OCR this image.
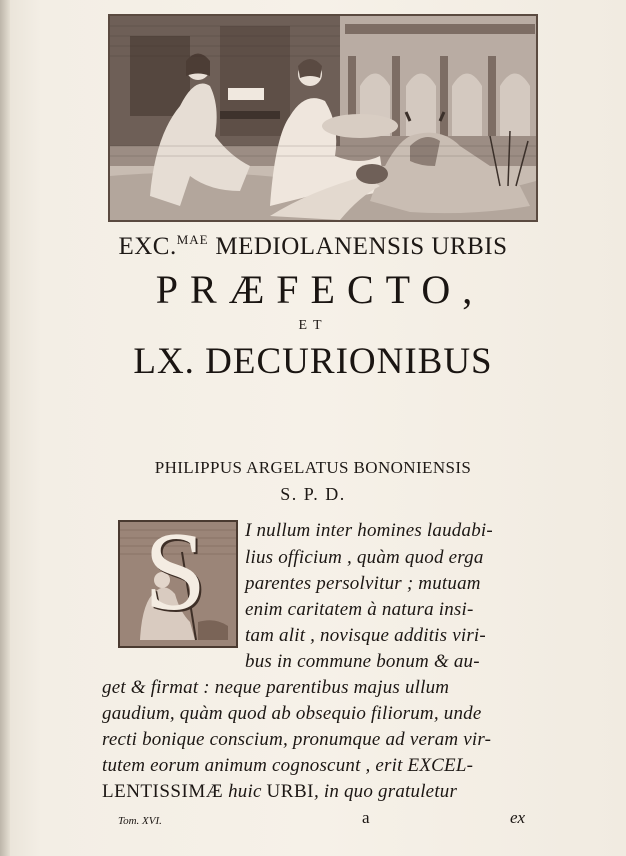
EXC.$^{MAE}$ MEDIOLANENSIS URBIS
PRÆFECTO,
ET
LX. DECURIONIBUS
PHILIPPUS ARGELATUS BONONIENSIS
S. P. D.
S I nullum inter homines laudabi-
lius officium , quàm quod erga
parentes persolvitur ; mutuam
enim caritatem à natura insi-
tam alit , novisque additis viri-
bus in commune bonum & au-
get & firmat : neque parentibus majus ullum
gaudium, quàm quod ab obsequio filiorum, unde
recti bonique conscium, pronumque ad veram vir-
tutem eorum animum cognoscunt , erit EXCEL-
LENTISSIMÆ huic URBI, in quo gratuletur
Tom. XVI.	a	ex
